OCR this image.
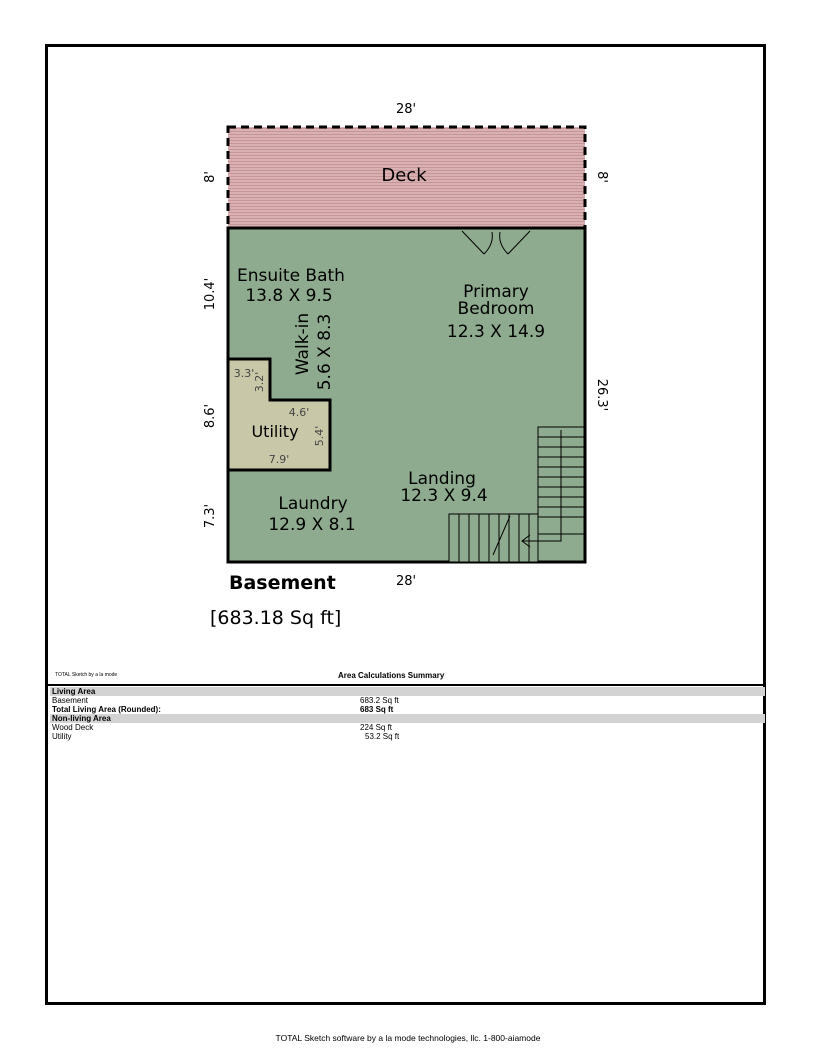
28'
28'
8'	8'
10.4'
8.6'
7.3'
26.3'
Deck
Ensuite Bath
13.8 X 9.5	Primary
Bedroom
12.3 X 14.9
Walk-in 5.6 X 8.3
3.3'
3.2'
4.6'
Utility 5.4'
7.9'
Landing
12.3 X 9.4
Laundry
12.9 X 8.1
Basement
[683.18 Sq ft]
TOTAL Sketch by a la mode	Area Calculations Summary
Living Area
Basement	683.2 Sq ft
Total Living Area (Rounded):	683 Sq ft
Non-living Area
Wood Deck	224 Sq ft
Utility	53.2 Sq ft
TOTAL Sketch software by a la mode technologies, llc. 1-800-aiamode
